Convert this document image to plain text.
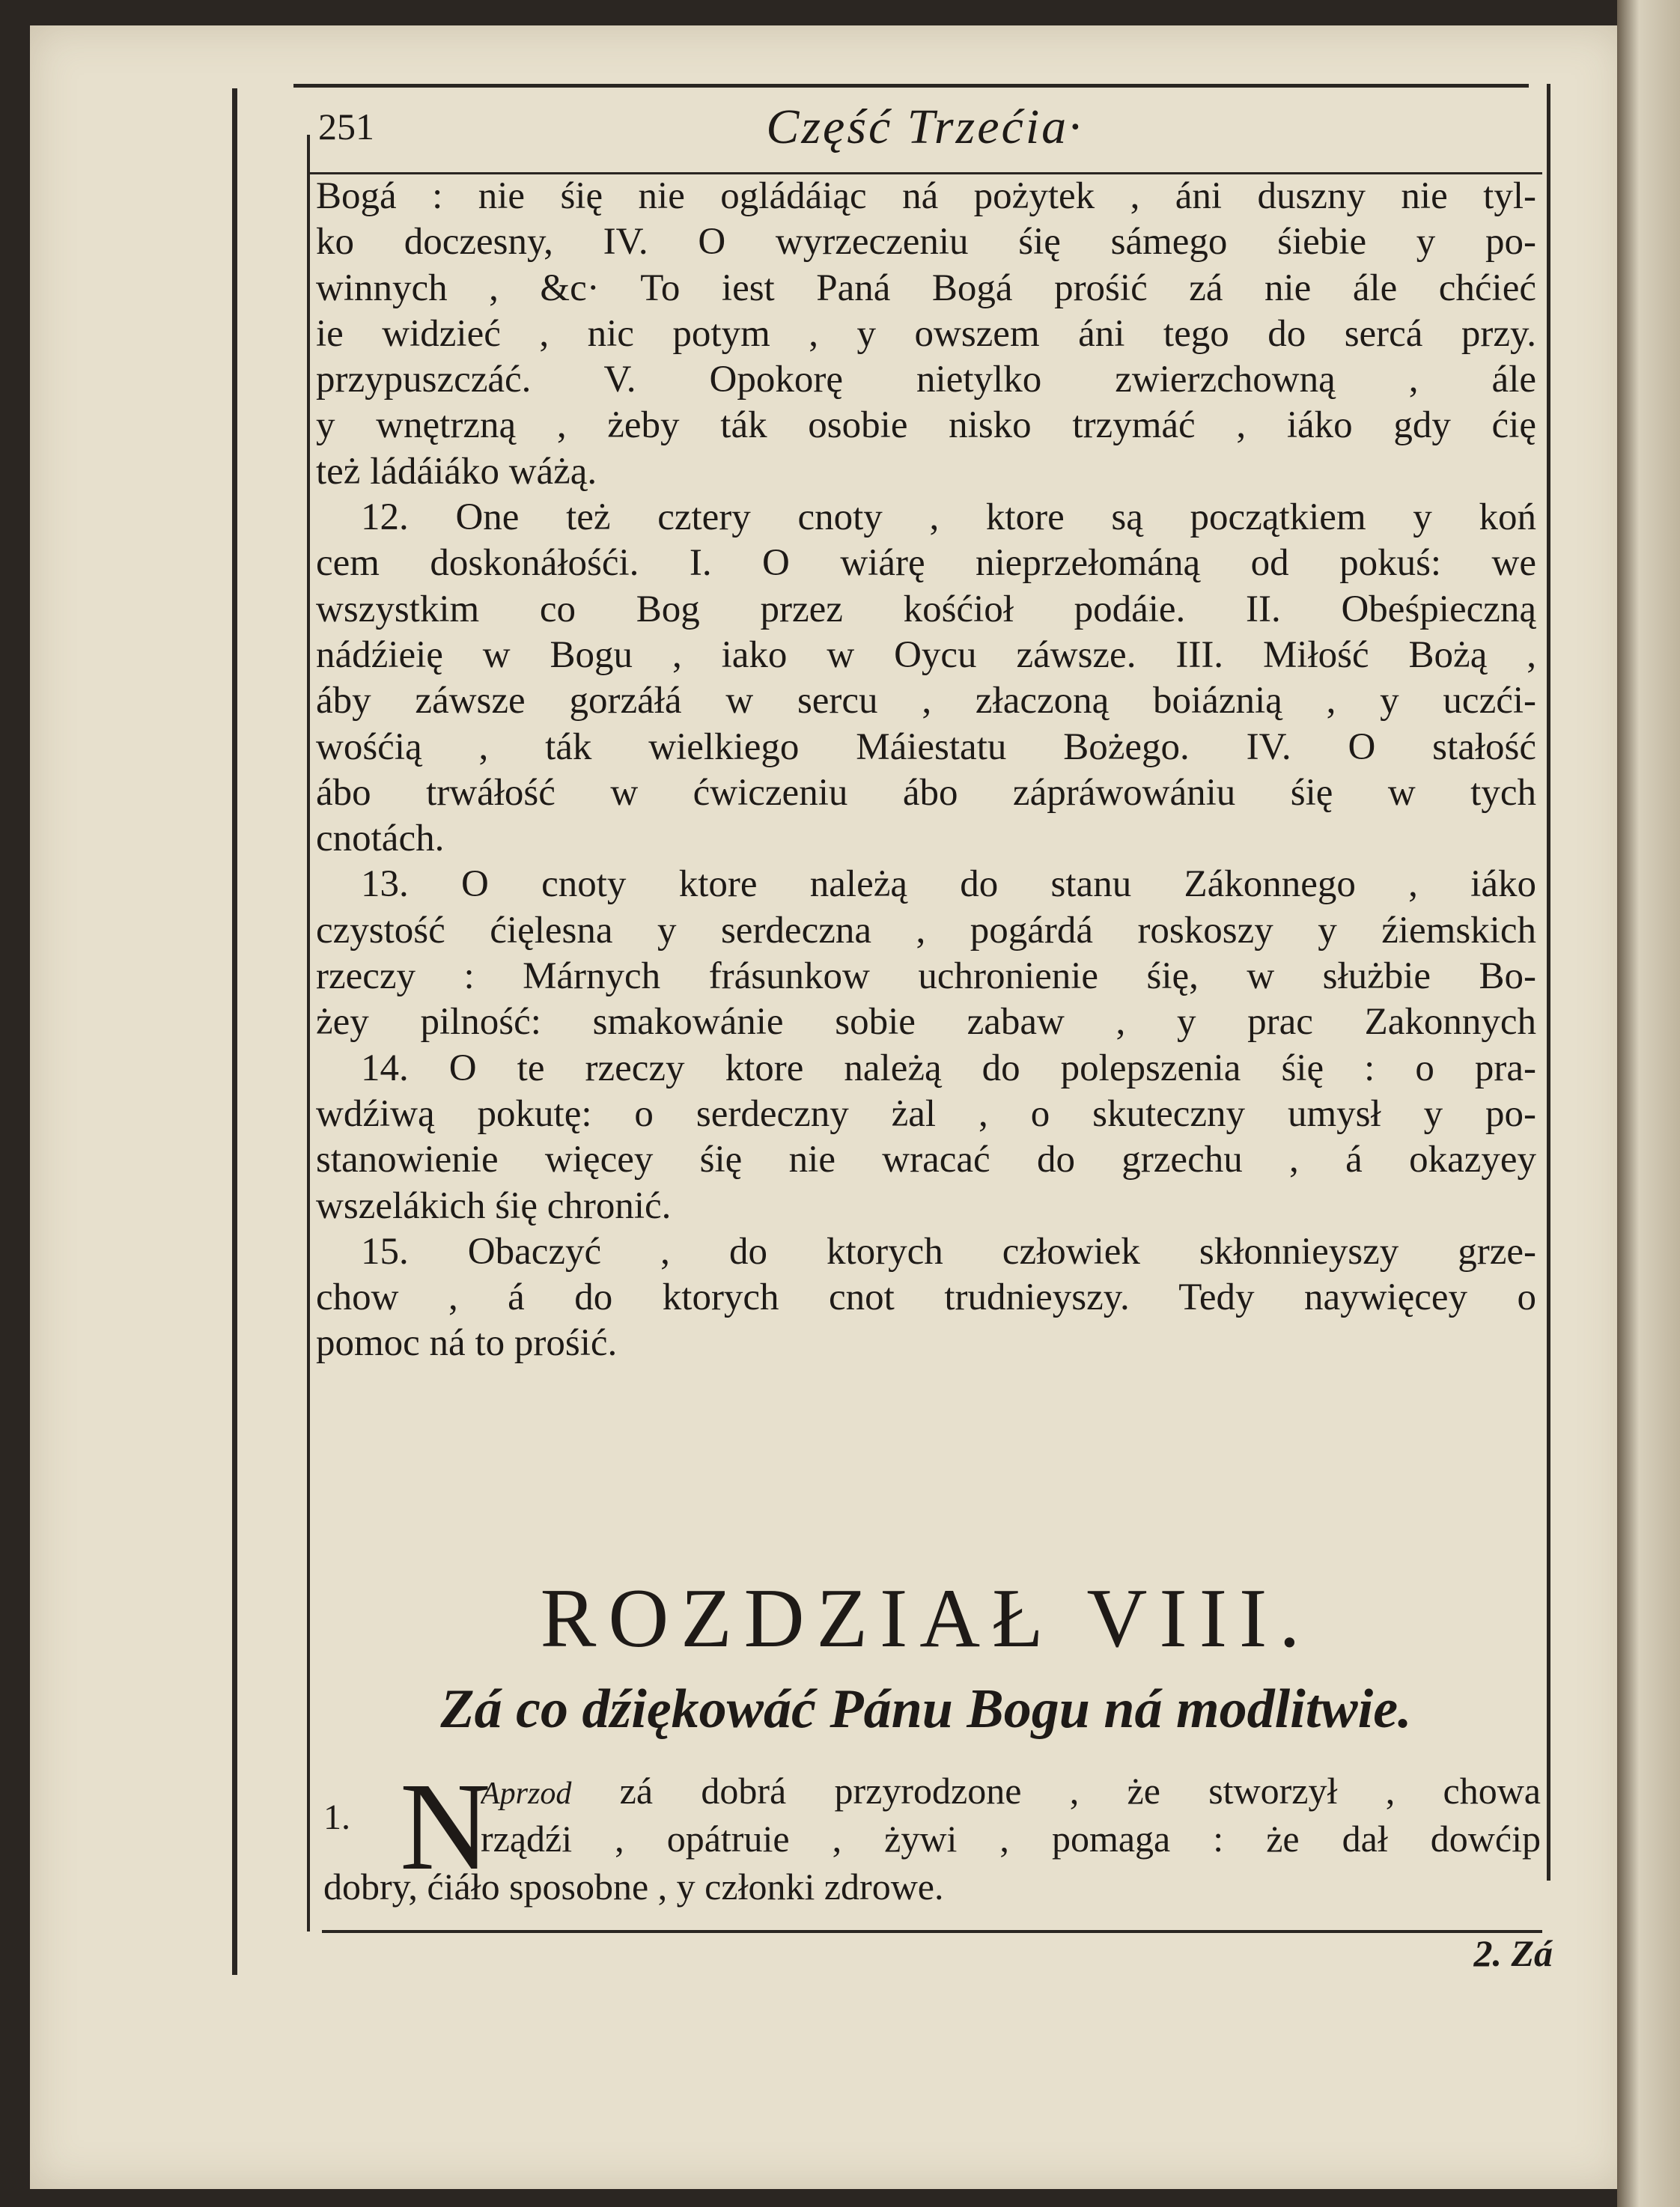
251	Część Trzećia·
Bogá : nie śię nie ogládáiąc ná pożytek , áni duszny nie tyl-
ko doczesny, IV. O wyrzeczeniu śię sámego śiebie y po-
winnych , &c· To iest Paná Bogá prośić zá nie ále chćieć
ie widzieć , nic potym , y owszem áni tego do sercá przy.
przypuszczáć. V. Opokorę nietylko zwierzchowną , ále
y wnętrzną , żeby ták osobie nisko trzymáć , iáko gdy ćię
też ládáiáko wáżą.
12. One też cztery cnoty , ktore są początkiem y koń
cem doskonáłośći. I. O wiárę nieprzełománą od pokuś: we
wszystkim co Bog przez kośćioł podáie. II. Obeśpieczną
nádźieię w Bogu , iako w Oycu záwsze. III. Miłość Bożą ,
áby záwsze gorzáłá w sercu , złaczoną boiáznią , y uczći-
wośćią , ták wielkiego Máiestatu Bożego. IV. O stałość
ábo trwáłość w ćwiczeniu ábo zápráwowániu śię w tych
cnotách.
13. O cnoty ktore należą do stanu Zákonnego , iáko
czystość ćięlesna y serdeczna , pogárdá roskoszy y źiemskich
rzeczy : Márnych frásunkow uchronienie śię, w służbie Bo-
żey pilność: smakowánie sobie zabaw , y prac Zakonnych
14. O te rzeczy ktore należą do polepszenia śię : o pra-
wdźiwą pokutę: o serdeczny żal , o skuteczny umysł y po-
stanowienie więcey śię nie wracać do grzechu , á okazyey
wszelákich śię chronić.
15. Obaczyć , do ktorych człowiek skłonnieyszy grze-
chow , á do ktorych cnot trudnieyszy. Tedy naywięcey o
pomoc ná to prośić.
ROZDZIAŁ VIII.
Zá co dźiękowáć Pánu Bogu ná modlitwie.
1. N
Aprzod zá dobrá przyrodzone , że stworzył , chowa
rządźi , opátruie , żywi , pomaga : że dał dowćip
dobry, ćiáło sposobne , y członki zdrowe.
2. Zá
